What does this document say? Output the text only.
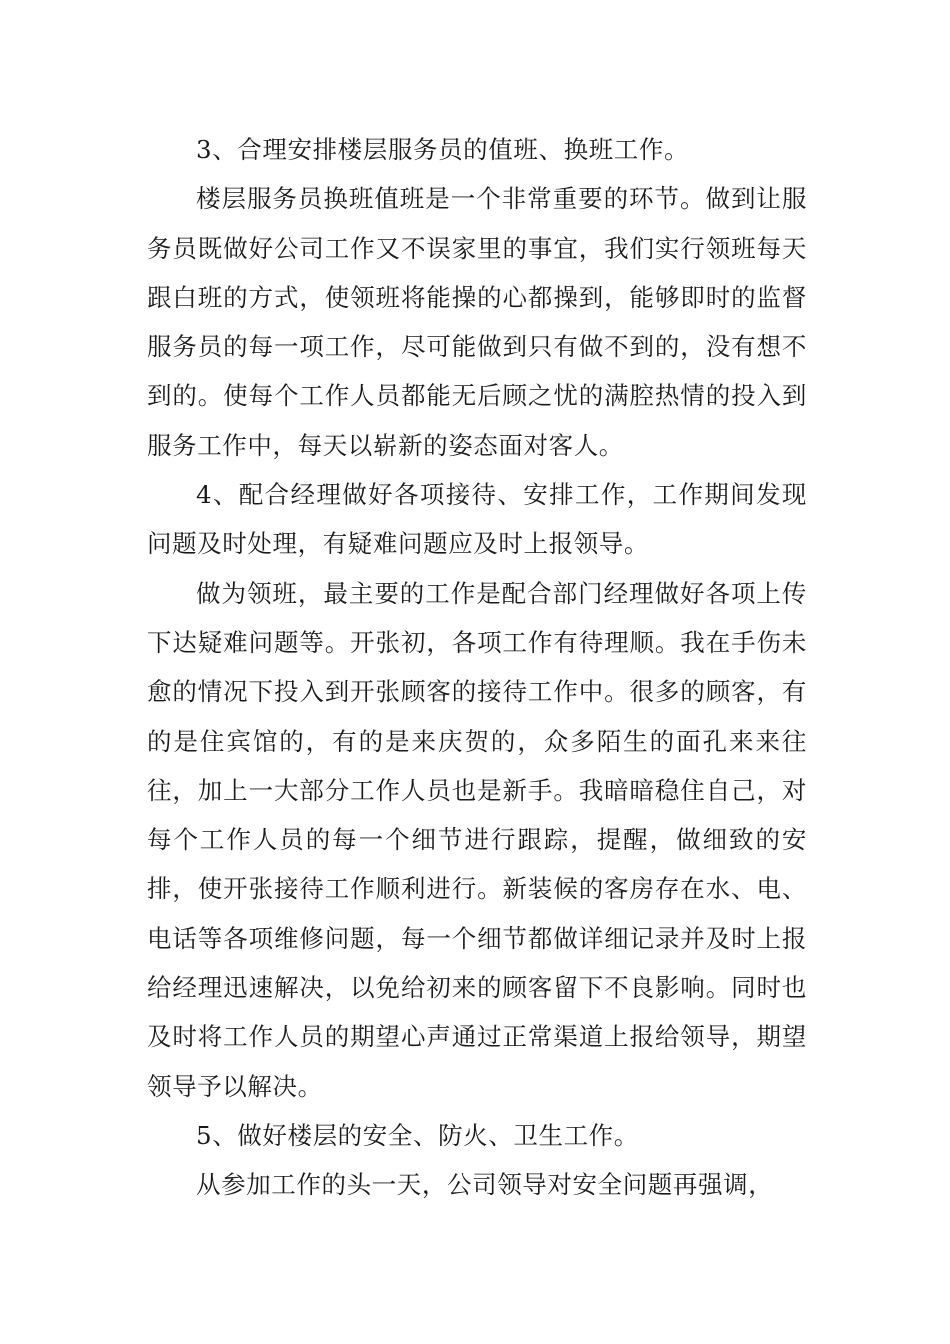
3、合理安排楼层服务员的值班、换班工作。

楼层服务员换班值班是一个非常重要的环节。做到让服务员既做好公司工作又不误家里的事宜，我们实行领班每天跟白班的方式，使领班将能操的心都操到，能够即时的监督服务员的每一项工作，尽可能做到只有做不到的，没有想不到的。使每个工作人员都能无后顾之忧的满腔热情的投入到服务工作中，每天以崭新的姿态面对客人。

4、配合经理做好各项接待、安排工作，工作期间发现问题及时处理，有疑难问题应及时上报领导。

做为领班，最主要的工作是配合部门经理做好各项上传下达疑难问题等。开张初，各项工作有待理顺。我在手伤未愈的情况下投入到开张顾客的接待工作中。很多的顾客，有的是住宾馆的，有的是来庆贺的，众多陌生的面孔来来往往，加上一大部分工作人员也是新手。我暗暗稳住自己，对每个工作人员的每一个细节进行跟踪，提醒，做细致的安排，使开张接待工作顺利进行。新装候的客房存在水、电、电话等各项维修问题，每一个细节都做详细记录并及时上报给经理迅速解决，以免给初来的顾客留下不良影响。同时也及时将工作人员的期望心声通过正常渠道上报给领导，期望领导予以解决。

5、做好楼层的安全、防火、卫生工作。

从参加工作的头一天，公司领导对安全问题再强调，
